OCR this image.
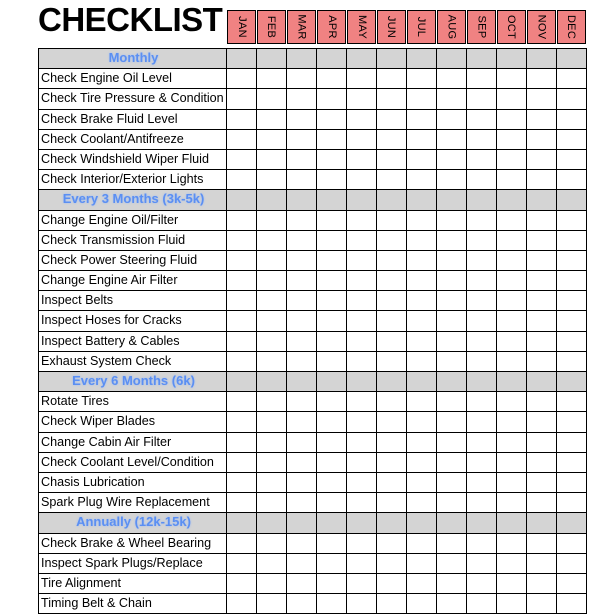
CHECKLIST JAN FEB MAR APR MAY JUN JUL AUG SEP OCT NOV DEC
Monthly
Check Engine Oil Level
Check Tire Pressure & Condition
Check Brake Fluid Level
Check Coolant/Antifreeze
Check Windshield Wiper Fluid
Check Interior/Exterior Lights
Every 3 Months (3k-5k)
Change Engine Oil/Filter
Check Transmission Fluid
Check Power Steering Fluid
Change Engine Air Filter
Inspect Belts
Inspect Hoses for Cracks
Inspect Battery & Cables
Exhaust System Check
Every 6 Months (6k)
Rotate Tires
Check Wiper Blades
Change Cabin Air Filter
Check Coolant Level/Condition
Chasis Lubrication
Spark Plug Wire Replacement
Annually (12k-15k)
Check Brake & Wheel Bearing
Inspect Spark Plugs/Replace
Tire Alignment
Timing Belt & Chain
